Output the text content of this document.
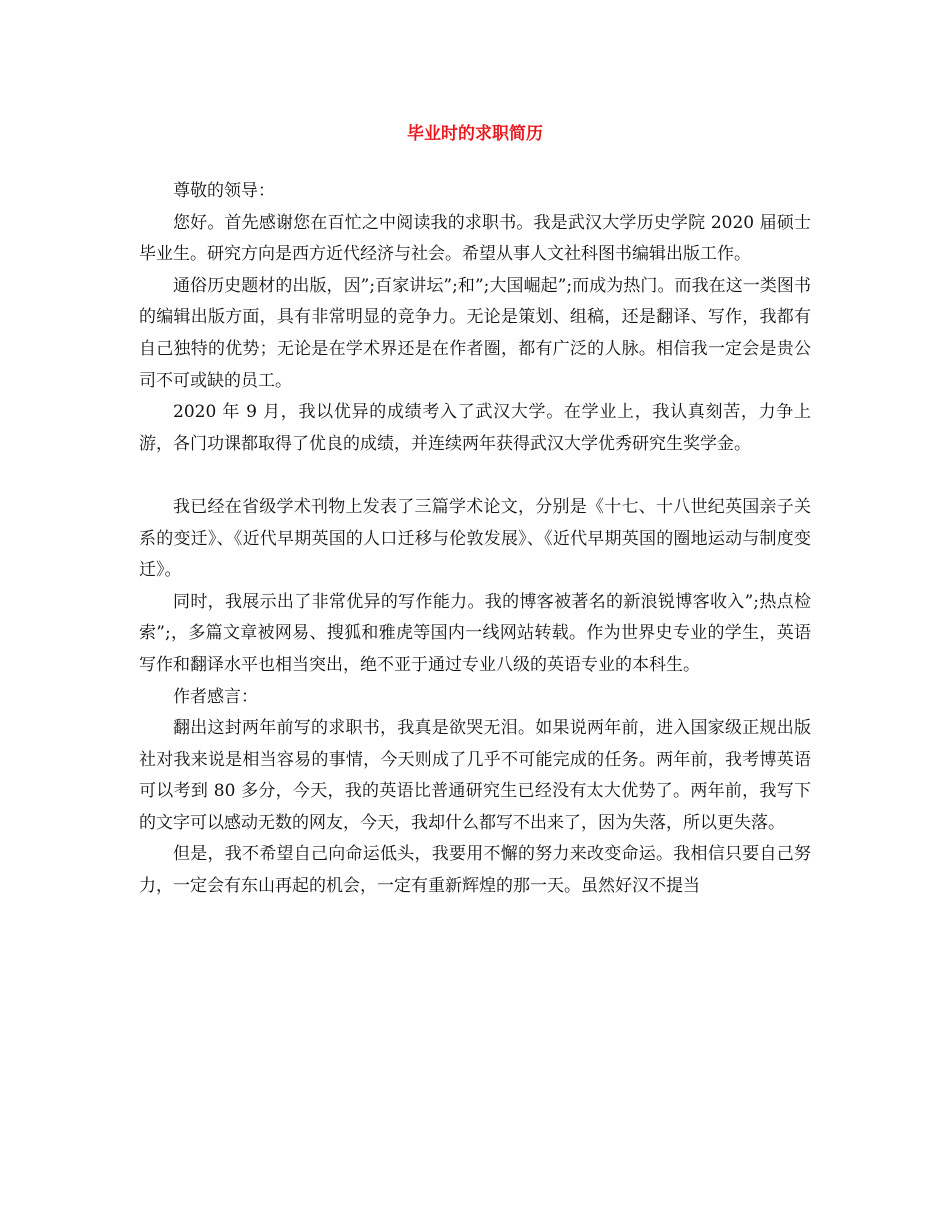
毕业时的求职简历

尊敬的领导：

您好。首先感谢您在百忙之中阅读我的求职书。我是武汉大学历史学院 2020 届硕士毕业生。研究方向是西方近代经济与社会。希望从事人文社科图书编辑出版工作。

通俗历史题材的出版，因”;百家讲坛”;和”;大国崛起”;而成为热门。而我在这一类图书的编辑出版方面，具有非常明显的竞争力。无论是策划、组稿，还是翻译、写作，我都有自己独特的优势；无论是在学术界还是在作者圈，都有广泛的人脉。相信我一定会是贵公司不可或缺的员工。

2020 年 9 月，我以优异的成绩考入了武汉大学。在学业上，我认真刻苦，力争上游，各门功课都取得了优良的成绩，并连续两年获得武汉大学优秀研究生奖学金。

我已经在省级学术刊物上发表了三篇学术论文，分别是《十七、十八世纪英国亲子关系的变迁》、《近代早期英国的人口迁移与伦敦发展》、《近代早期英国的圈地运动与制度变迁》。

同时，我展示出了非常优异的写作能力。我的博客被著名的新浪锐博客收入”;热点检索”;，多篇文章被网易、搜狐和雅虎等国内一线网站转载。作为世界史专业的学生，英语写作和翻译水平也相当突出，绝不亚于通过专业八级的英语专业的本科生。

作者感言：

翻出这封两年前写的求职书，我真是欲哭无泪。如果说两年前，进入国家级正规出版社对我来说是相当容易的事情，今天则成了几乎不可能完成的任务。两年前，我考博英语可以考到 80 多分，今天，我的英语比普通研究生已经没有太大优势了。两年前，我写下的文字可以感动无数的网友，今天，我却什么都写不出来了，因为失落，所以更失落。

但是，我不希望自己向命运低头，我要用不懈的努力来改变命运。我相信只要自己努力，一定会有东山再起的机会，一定有重新辉煌的那一天。虽然好汉不提当
